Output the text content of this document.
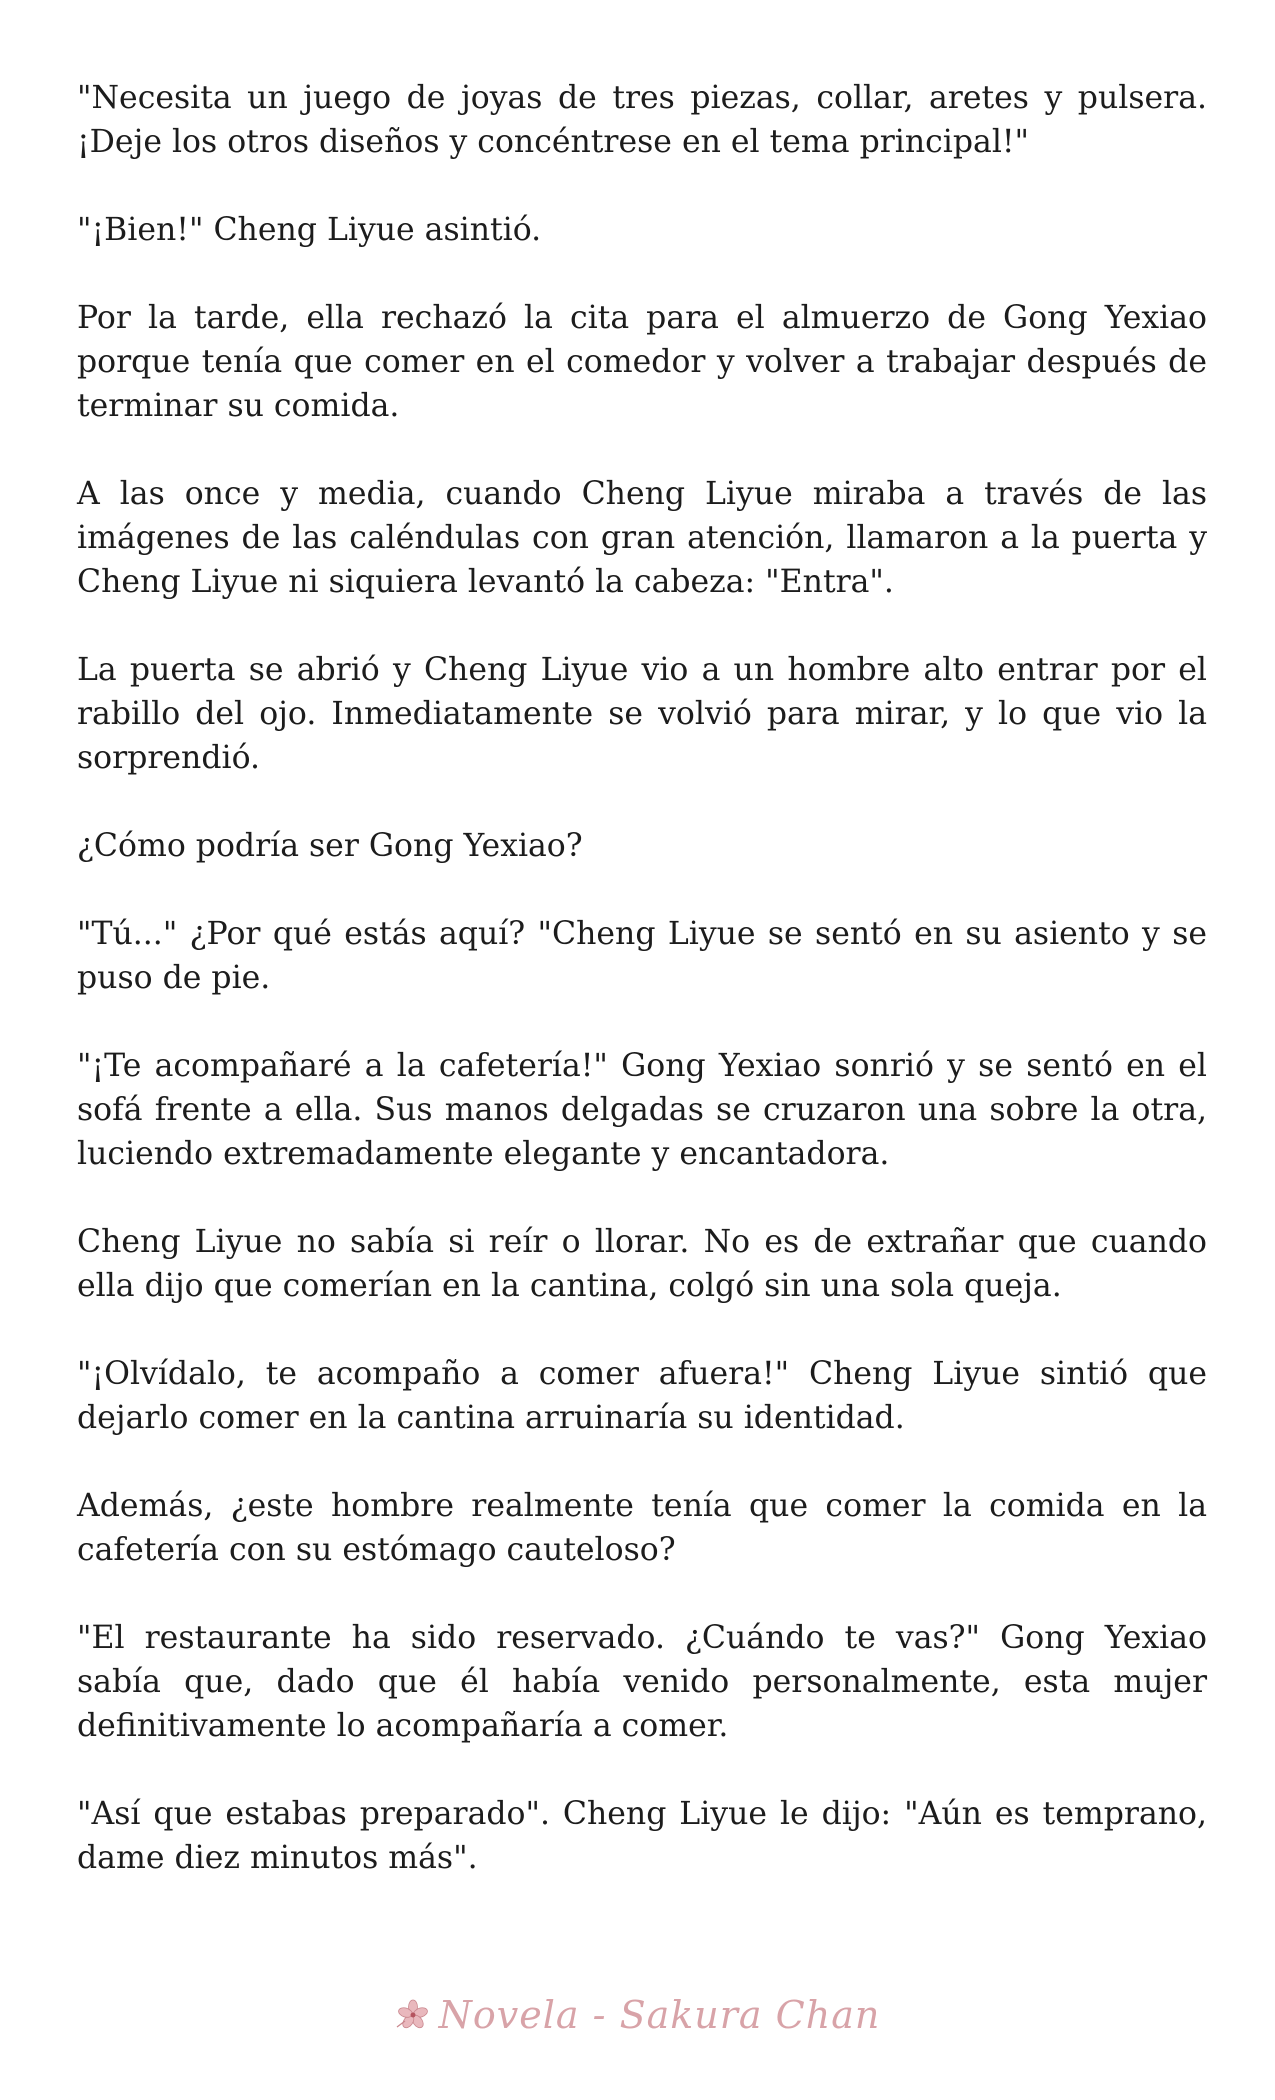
"Necesita un juego de joyas de tres piezas, collar, aretes y pulsera. ¡Deje los otros diseños y concéntrese en el tema principal!"

"¡Bien!" Cheng Liyue asintió.

Por la tarde, ella rechazó la cita para el almuerzo de Gong Yexiao porque tenía que comer en el comedor y volver a trabajar después de terminar su comida.

A las once y media, cuando Cheng Liyue miraba a través de las imágenes de las caléndulas con gran atención, llamaron a la puerta y Cheng Liyue ni siquiera levantó la cabeza: "Entra".

La puerta se abrió y Cheng Liyue vio a un hombre alto entrar por el rabillo del ojo. Inmediatamente se volvió para mirar, y lo que vio la sorprendió.

¿Cómo podría ser Gong Yexiao?

"Tú..." ¿Por qué estás aquí? "Cheng Liyue se sentó en su asiento y se puso de pie.

"¡Te acompañaré a la cafetería!" Gong Yexiao sonrió y se sentó en el sofá frente a ella. Sus manos delgadas se cruzaron una sobre la otra, luciendo extremadamente elegante y encantadora.

Cheng Liyue no sabía si reír o llorar. No es de extrañar que cuando ella dijo que comerían en la cantina, colgó sin una sola queja.

"¡Olvídalo, te acompaño a comer afuera!" Cheng Liyue sintió que dejarlo comer en la cantina arruinaría su identidad.

Además, ¿este hombre realmente tenía que comer la comida en la cafetería con su estómago cauteloso?

"El restaurante ha sido reservado. ¿Cuándo te vas?" Gong Yexiao sabía que, dado que él había venido personalmente, esta mujer definitivamente lo acompañaría a comer.

"Así que estabas preparado". Cheng Liyue le dijo: "Aún es temprano, dame diez minutos más".

Novela - Sakura Chan
